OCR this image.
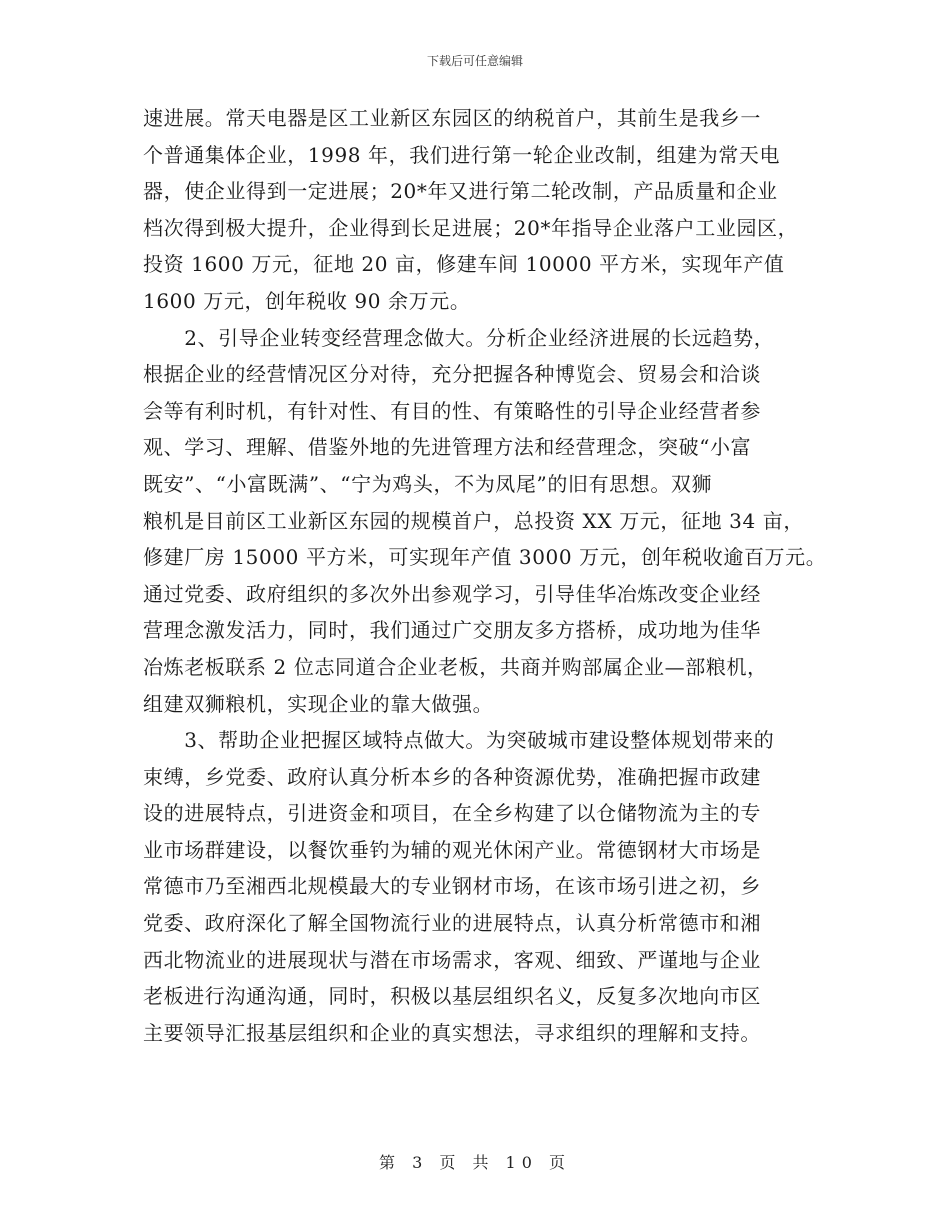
下载后可任意编辑
速进展。常天电器是区工业新区东园区的纳税首户，其前生是我乡一
个普通集体企业，1998 年，我们进行第一轮企业改制，组建为常天电
器，使企业得到一定进展；20*年又进行第二轮改制，产品质量和企业
档次得到极大提升，企业得到长足进展；20*年指导企业落户工业园区，
投资 1600 万元，征地 20 亩，修建车间 10000 平方米，实现年产值
1600 万元，创年税收 90 余万元。
　　2、引导企业转变经营理念做大。分析企业经济进展的长远趋势，
根据企业的经营情况区分对待，充分把握各种博览会、贸易会和洽谈
会等有利时机，有针对性、有目的性、有策略性的引导企业经营者参
观、学习、理解、借鉴外地的先进管理方法和经营理念，突破“小富
既安”、“小富既满”、“宁为鸡头，不为凤尾”的旧有思想。双狮
粮机是目前区工业新区东园的规模首户，总投资 XX 万元，征地 34 亩，
修建厂房 15000 平方米，可实现年产值 3000 万元，创年税收逾百万元。
通过党委、政府组织的多次外出参观学习，引导佳华冶炼改变企业经
营理念激发活力，同时，我们通过广交朋友多方搭桥，成功地为佳华
冶炼老板联系 2 位志同道合企业老板，共商并购部属企业—部粮机，
组建双狮粮机，实现企业的靠大做强。
　　3、帮助企业把握区域特点做大。为突破城市建设整体规划带来的
束缚，乡党委、政府认真分析本乡的各种资源优势，准确把握市政建
设的进展特点，引进资金和项目，在全乡构建了以仓储物流为主的专
业市场群建设，以餐饮垂钓为辅的观光休闲产业。常德钢材大市场是
常德市乃至湘西北规模最大的专业钢材市场，在该市场引进之初，乡
党委、政府深化了解全国物流行业的进展特点，认真分析常德市和湘
西北物流业的进展现状与潜在市场需求，客观、细致、严谨地与企业
老板进行沟通沟通，同时，积极以基层组织名义，反复多次地向市区
主要领导汇报基层组织和企业的真实想法，寻求组织的理解和支持。
第 3 页 共 10 页
